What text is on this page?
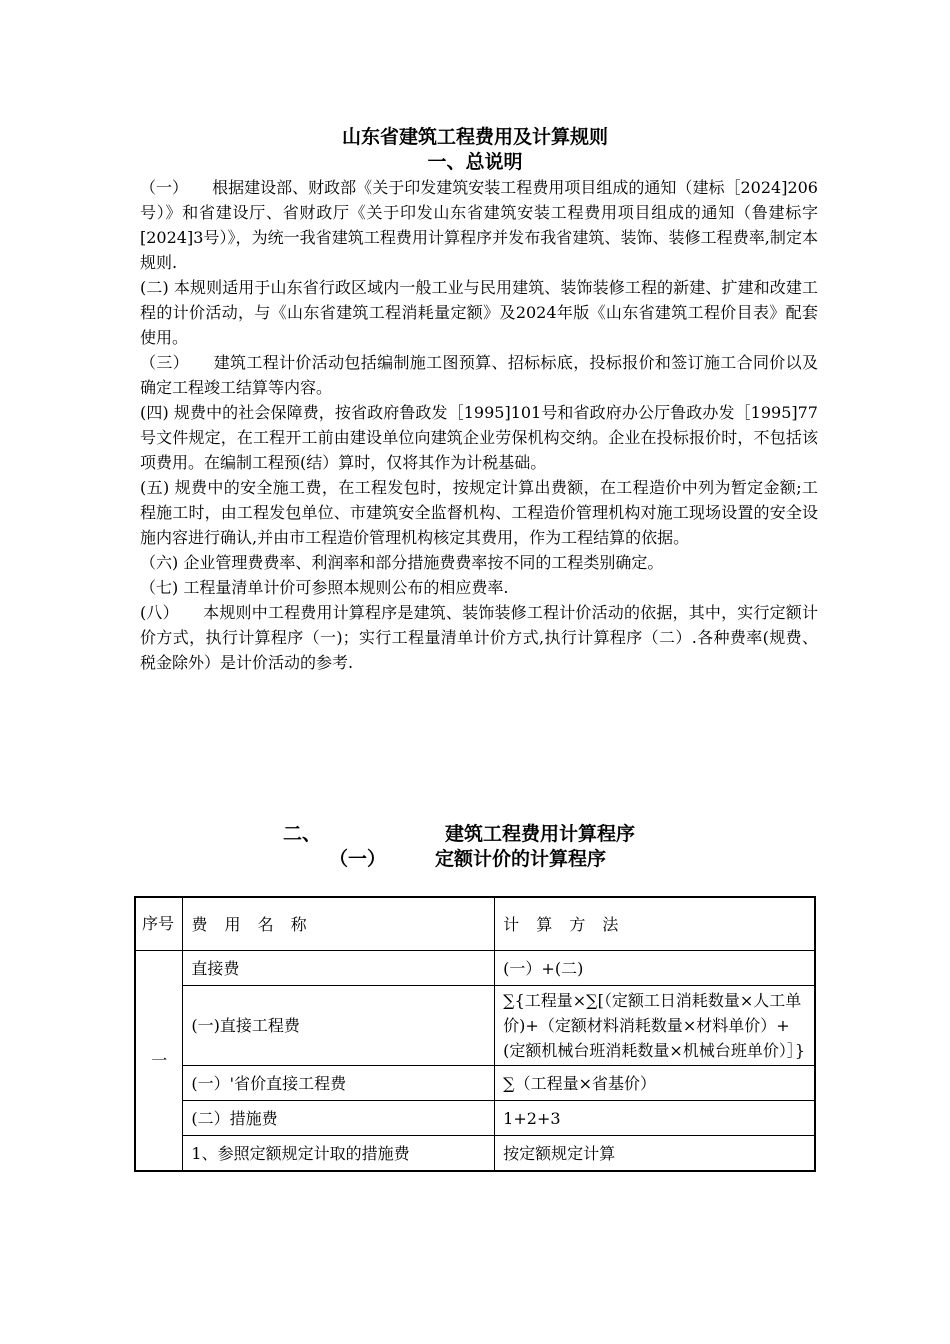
山东省建筑工程费用及计算规则
一、总说明

（一）　　根据建设部、财政部《关于印发建筑安装工程费用项目组成的通知（建标［2024]206号）》和省建设厅、省财政厅《关于印发山东省建筑安装工程费用项目组成的通知（鲁建标字[2024]3号）》，为统一我省建筑工程费用计算程序并发布我省建筑、装饰、装修工程费率,制定本规则.

(二) 本规则适用于山东省行政区域内一般工业与民用建筑、装饰装修工程的新建、扩建和改建工程的计价活动，与《山东省建筑工程消耗量定额》及2024年版《山东省建筑工程价目表》配套使用。

（三）　　建筑工程计价活动包括编制施工图预算、招标标底，投标报价和签订施工合同价以及确定工程竣工结算等内容。

(四) 规费中的社会保障费，按省政府鲁政发［1995]101号和省政府办公厅鲁政办发［1995]77号文件规定，在工程开工前由建设单位向建筑企业劳保机构交纳。企业在投标报价时，不包括该项费用。在编制工程预(结）算时，仅将其作为计税基础。

(五) 规费中的安全施工费，在工程发包时，按规定计算出费额，在工程造价中列为暂定金额;工程施工时，由工程发包单位、市建筑安全监督机构、工程造价管理机构对施工现场设置的安全设施内容进行确认,并由市工程造价管理机构核定其费用，作为工程结算的依据。

（六) 企业管理费费率、利润率和部分措施费费率按不同的工程类别确定。

（七) 工程量清单计价可参照本规则公布的相应费率.

(八）　　本规则中工程费用计算程序是建筑、装饰装修工程计价活动的依据，其中，实行定额计价方式，执行计算程序（一)；实行工程量清单计价方式,执行计算程序（二）.各种费率(规费、税金除外）是计价活动的参考.

二、	建筑工程费用计算程序
（一）	定额计价的计算程序
序号	费 用 名 称	计 算 方 法
一	直接费	(一）+(二)
	(一)直接工程费	∑{工程量×∑[（定额工日消耗数量×人工单价)+（定额材料消耗数量×材料单价）+(定额机械台班消耗数量×机械台班单价）］}
	(一）'省价直接工程费	∑（工程量×省基价）
	(二）措施费	1+2+3
	1、参照定额规定计取的措施费	按定额规定计算
